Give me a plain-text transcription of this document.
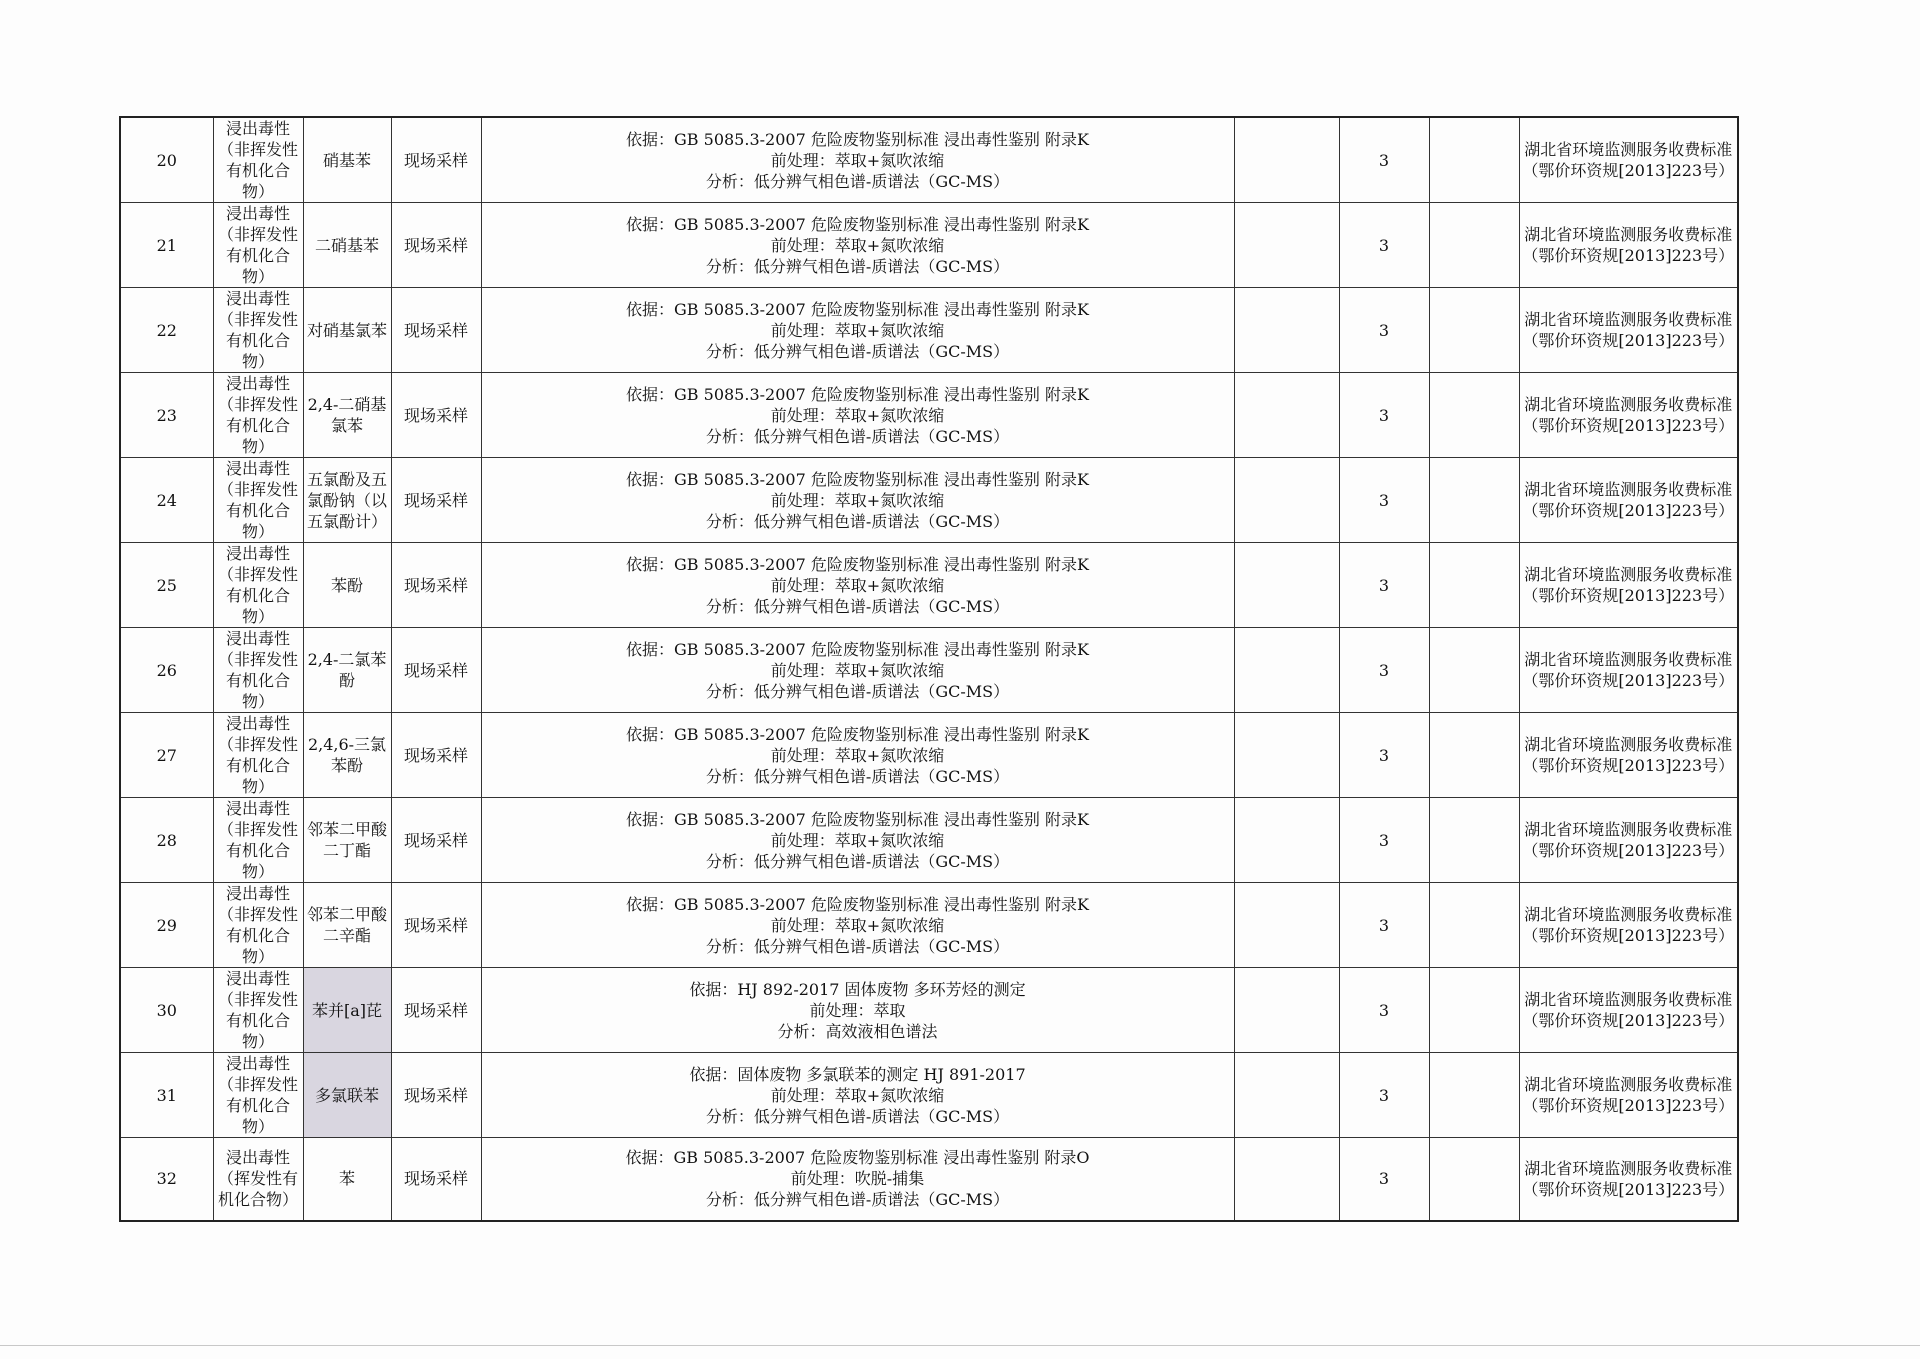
20	浸出毒性（非挥发性有机化合物）	硝基苯	现场采样	依据：GB 5085.3-2007 危险废物鉴别标准 浸出毒性鉴别 附录K
前处理：萃取+氮吹浓缩
分析：低分辨气相色谱-质谱法（GC-MS）		3		湖北省环境监测服务收费标准
（鄂价环资规[2013]223号）

21	浸出毒性（非挥发性有机化合物）	二硝基苯	现场采样	依据：GB 5085.3-2007 危险废物鉴别标准 浸出毒性鉴别 附录K
前处理：萃取+氮吹浓缩
分析：低分辨气相色谱-质谱法（GC-MS）		3		湖北省环境监测服务收费标准
（鄂价环资规[2013]223号）

22	浸出毒性（非挥发性有机化合物）	对硝基氯苯	现场采样	依据：GB 5085.3-2007 危险废物鉴别标准 浸出毒性鉴别 附录K
前处理：萃取+氮吹浓缩
分析：低分辨气相色谱-质谱法（GC-MS）		3		湖北省环境监测服务收费标准
（鄂价环资规[2013]223号）

23	浸出毒性（非挥发性有机化合物）	2,4-二硝基氯苯	现场采样	依据：GB 5085.3-2007 危险废物鉴别标准 浸出毒性鉴别 附录K
前处理：萃取+氮吹浓缩
分析：低分辨气相色谱-质谱法（GC-MS）		3		湖北省环境监测服务收费标准
（鄂价环资规[2013]223号）

24	浸出毒性（非挥发性有机化合物）	五氯酚及五氯酚钠（以五氯酚计）	现场采样	依据：GB 5085.3-2007 危险废物鉴别标准 浸出毒性鉴别 附录K
前处理：萃取+氮吹浓缩
分析：低分辨气相色谱-质谱法（GC-MS）		3		湖北省环境监测服务收费标准
（鄂价环资规[2013]223号）

25	浸出毒性（非挥发性有机化合物）	苯酚	现场采样	依据：GB 5085.3-2007 危险废物鉴别标准 浸出毒性鉴别 附录K
前处理：萃取+氮吹浓缩
分析：低分辨气相色谱-质谱法（GC-MS）		3		湖北省环境监测服务收费标准
（鄂价环资规[2013]223号）

26	浸出毒性（非挥发性有机化合物）	2,4-二氯苯酚	现场采样	依据：GB 5085.3-2007 危险废物鉴别标准 浸出毒性鉴别 附录K
前处理：萃取+氮吹浓缩
分析：低分辨气相色谱-质谱法（GC-MS）		3		湖北省环境监测服务收费标准
（鄂价环资规[2013]223号）

27	浸出毒性（非挥发性有机化合物）	2,4,6-三氯苯酚	现场采样	依据：GB 5085.3-2007 危险废物鉴别标准 浸出毒性鉴别 附录K
前处理：萃取+氮吹浓缩
分析：低分辨气相色谱-质谱法（GC-MS）		3		湖北省环境监测服务收费标准
（鄂价环资规[2013]223号）

28	浸出毒性（非挥发性有机化合物）	邻苯二甲酸二丁酯	现场采样	依据：GB 5085.3-2007 危险废物鉴别标准 浸出毒性鉴别 附录K
前处理：萃取+氮吹浓缩
分析：低分辨气相色谱-质谱法（GC-MS）		3		湖北省环境监测服务收费标准
（鄂价环资规[2013]223号）

29	浸出毒性（非挥发性有机化合物）	邻苯二甲酸二辛酯	现场采样	依据：GB 5085.3-2007 危险废物鉴别标准 浸出毒性鉴别 附录K
前处理：萃取+氮吹浓缩
分析：低分辨气相色谱-质谱法（GC-MS）		3		湖北省环境监测服务收费标准
（鄂价环资规[2013]223号）

30	浸出毒性（非挥发性有机化合物）	苯并[a]芘	现场采样	依据：HJ 892-2017 固体废物 多环芳烃的测定
前处理：萃取
分析：高效液相色谱法		3		湖北省环境监测服务收费标准
（鄂价环资规[2013]223号）

31	浸出毒性（非挥发性有机化合物）	多氯联苯	现场采样	依据：固体废物 多氯联苯的测定 HJ 891-2017
前处理：萃取+氮吹浓缩
分析：低分辨气相色谱-质谱法（GC-MS）		3		湖北省环境监测服务收费标准
（鄂价环资规[2013]223号）

32	浸出毒性（挥发性有机化合物）	苯	现场采样	依据：GB 5085.3-2007 危险废物鉴别标准 浸出毒性鉴别 附录O
前处理：吹脱-捕集
分析：低分辨气相色谱-质谱法（GC-MS）		3		湖北省环境监测服务收费标准
（鄂价环资规[2013]223号）
